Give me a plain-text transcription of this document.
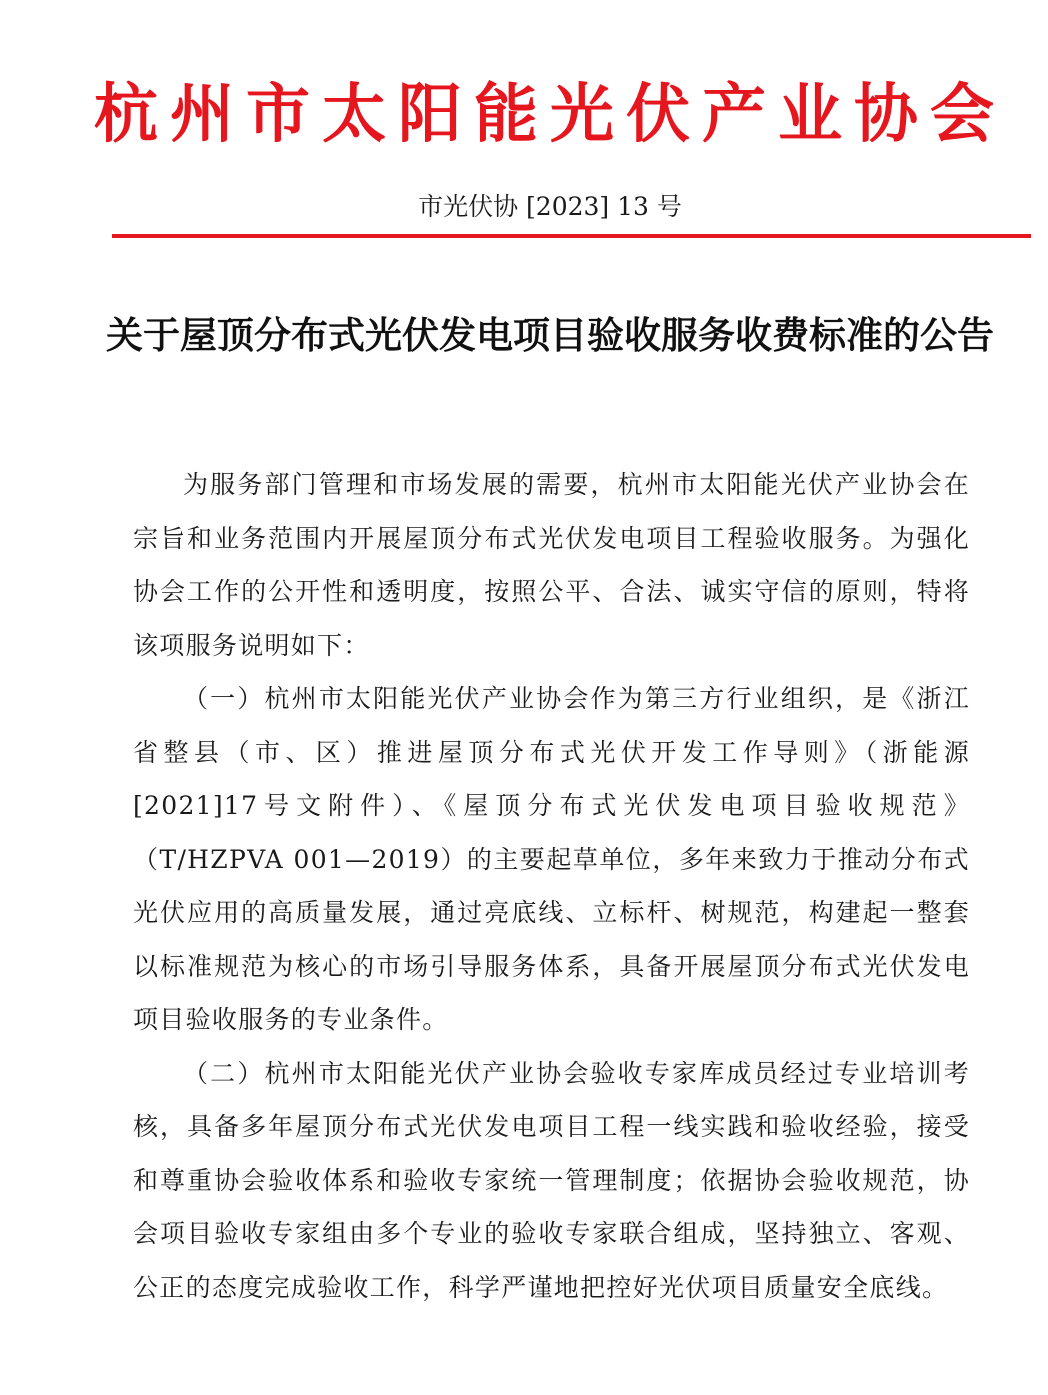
杭州市太阳能光伏产业协会
市光伏协 [2023] 13 号
关于屋顶分布式光伏发电项目验收服务收费标准的公告

为服务部门管理和市场发展的需要，杭州市太阳能光伏产业协会在宗旨和业务范围内开展屋顶分布式光伏发电项目工程验收服务。为强化协会工作的公开性和透明度，按照公平、合法、诚实守信的原则，特将该项服务说明如下：

（一）杭州市太阳能光伏产业协会作为第三方行业组织，是《浙江省整县（市、区）推进屋顶分布式光伏开发工作导则》（浙能源[2021]17号文附件）、《屋顶分布式光伏发电项目验收规范》（T/HZPVA 001—2019）的主要起草单位，多年来致力于推动分布式光伏应用的高质量发展，通过亮底线、立标杆、树规范，构建起一整套以标准规范为核心的市场引导服务体系，具备开展屋顶分布式光伏发电项目验收服务的专业条件。

（二）杭州市太阳能光伏产业协会验收专家库成员经过专业培训考核，具备多年屋顶分布式光伏发电项目工程一线实践和验收经验，接受和尊重协会验收体系和验收专家统一管理制度；依据协会验收规范，协会项目验收专家组由多个专业的验收专家联合组成，坚持独立、客观、公正的态度完成验收工作，科学严谨地把控好光伏项目质量安全底线。
